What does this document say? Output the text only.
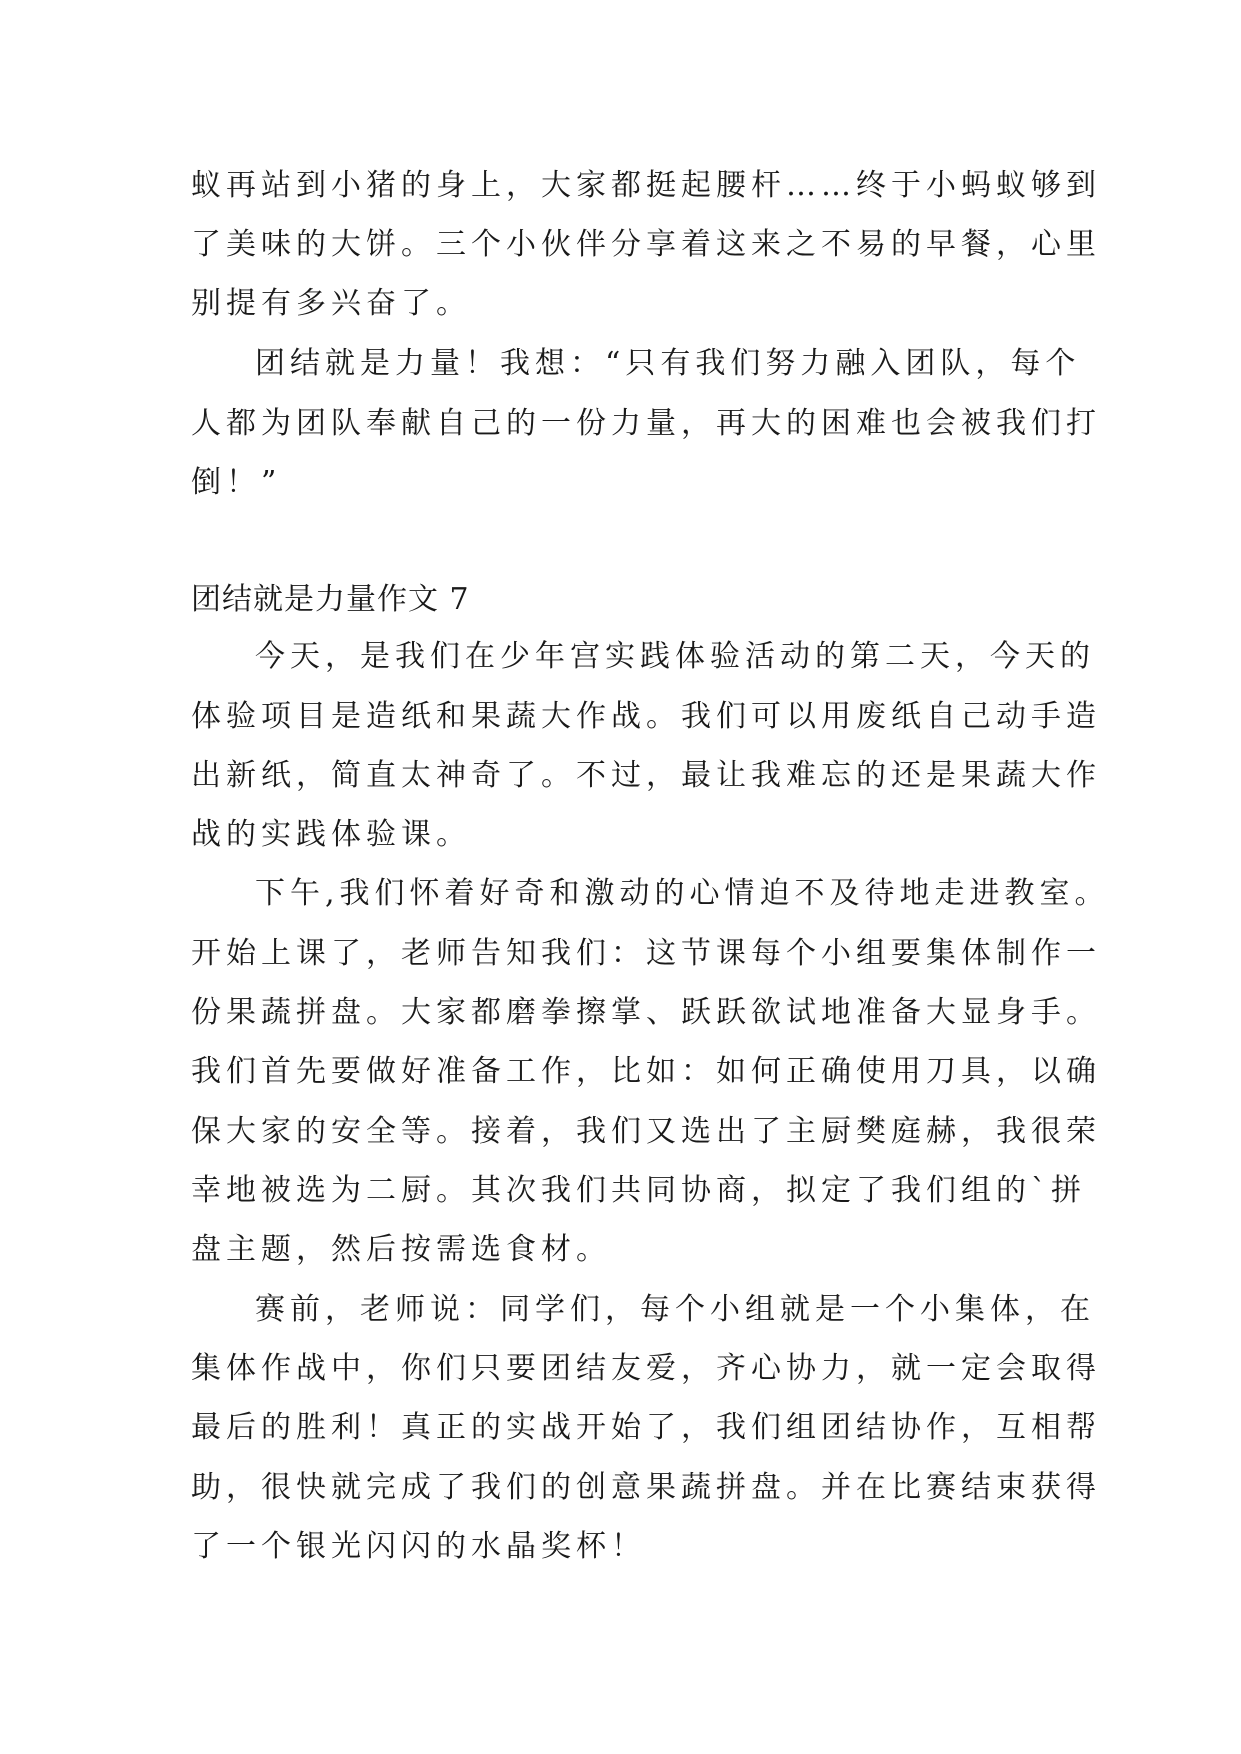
蚁再站到小猪的身上，大家都挺起腰杆……终于小蚂蚁够到
了美味的大饼。三个小伙伴分享着这来之不易的早餐，心里
别提有多兴奋了。
团结就是力量！我想：“只有我们努力融入团队，每个
人都为团队奉献自己的一份力量，再大的困难也会被我们打
倒！”
团结就是力量作文 7
今天，是我们在少年宫实践体验活动的第二天，今天的
体验项目是造纸和果蔬大作战。我们可以用废纸自己动手造
出新纸，简直太神奇了。不过，最让我难忘的还是果蔬大作
战的实践体验课。
下午,我们怀着好奇和激动的心情迫不及待地走进教室。
开始上课了，老师告知我们：这节课每个小组要集体制作一
份果蔬拼盘。大家都磨拳擦掌、跃跃欲试地准备大显身手。
我们首先要做好准备工作，比如：如何正确使用刀具，以确
保大家的安全等。接着，我们又选出了主厨樊庭赫，我很荣
幸地被选为二厨。其次我们共同协商，拟定了我们组的`拼
盘主题，然后按需选食材。
赛前，老师说：同学们，每个小组就是一个小集体，在
集体作战中，你们只要团结友爱，齐心协力，就一定会取得
最后的胜利！真正的实战开始了，我们组团结协作，互相帮
助，很快就完成了我们的创意果蔬拼盘。并在比赛结束获得
了一个银光闪闪的水晶奖杯！
